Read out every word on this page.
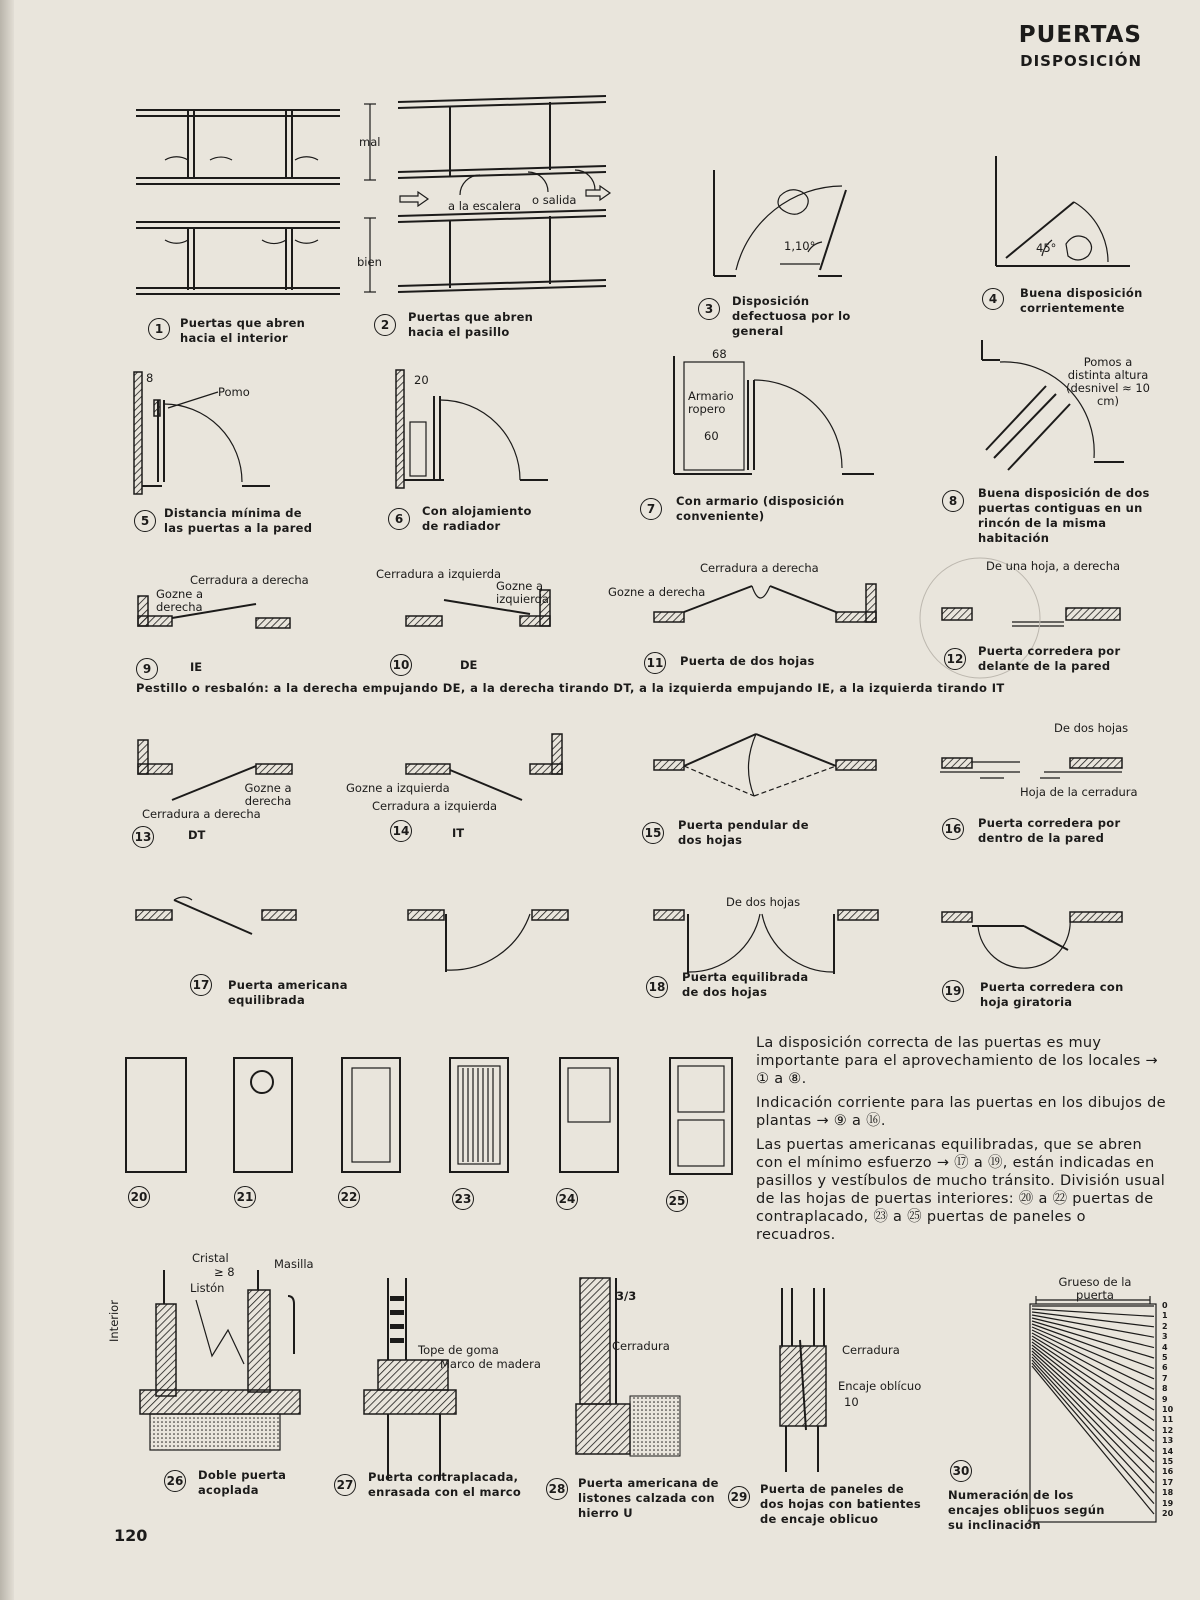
PUERTAS
DISPOSICIÓN
mal
bien
1	Puertas que abren hacia el interior
a la escalera o salida
2
Puertas que abren hacia el pasillo
1,10°
3
Disposición defectuosa por lo general
45°
4	Buena disposición corrientemente
8
Pomo
5
Distancia mínima de las puertas a la pared
20
6
Con alojamiento de radiador
68
Armario ropero
60
7
Con armario (disposición conveniente)
Pomos a distinta altura (desnivel ≈ 10 cm)
8
Buena disposición de dos puertas contiguas en un rincón de la misma habitación
Cerradura a derecha
Gozne a derecha
9	IE
Cerradura a izquierda
Gozne a izquierda
10	DE
Cerradura a derecha
Gozne a derecha
11 Puerta de dos hojas
De una hoja, a derecha
12
Puerta corredera por delante de la pared
Pestillo o resbalón: a la derecha empujando DE, a la derecha tirando DT, a la izquierda empujando IE, a la izquierda tirando IT
Gozne a derecha
Cerradura a derecha
13	DT
Gozne a izquierda
Cerradura a izquierda
14	IT	15
Puerta pendular de dos hojas
De dos hojas
Hoja de la cerradura
16 Puerta corredera por dentro de la pared
17 Puerta americana equilibrada
De dos hojas
18
Puerta equilibrada de dos hojas	19 Puerta corredera con hoja giratoria

La disposición correcta de las puertas es muy importante para el aprovechamiento de los locales → ① a ⑧.

Indicación corriente para las puertas en los dibujos de plantas → ⑨ a ⑯.

Las puertas americanas equilibradas, que se abren con el mínimo esfuerzo → ⑰ a ⑲, están indicadas en pasillos y vestíbulos de mucho tránsito. División usual de las hojas de puertas interiores: ⑳ a ㉒ puertas de contraplacado, ㉓ a ㉕ puertas de paneles o recuadros.

20	21	22	23	24	25
Cristal
≥ 8
Listón
Masilla
Interior
26 Doble puerta acoplada
Tope de goma
Marco de madera
27
Puerta contraplacada, enrasada con el marco
3/3
Cerradura
28 Puerta americana de listones calzada con hierro U
Cerradura
Encaje oblícuo
10
29
Puerta de paneles de dos hojas con batientes de encaje oblicuo
Grueso de la puerta
30
Numeración de los encajes oblicuos según su inclinación
0
1
2
3
4
5
6
7
8
9
10
11
12
13
14
15
16
17
18
19
20
120
